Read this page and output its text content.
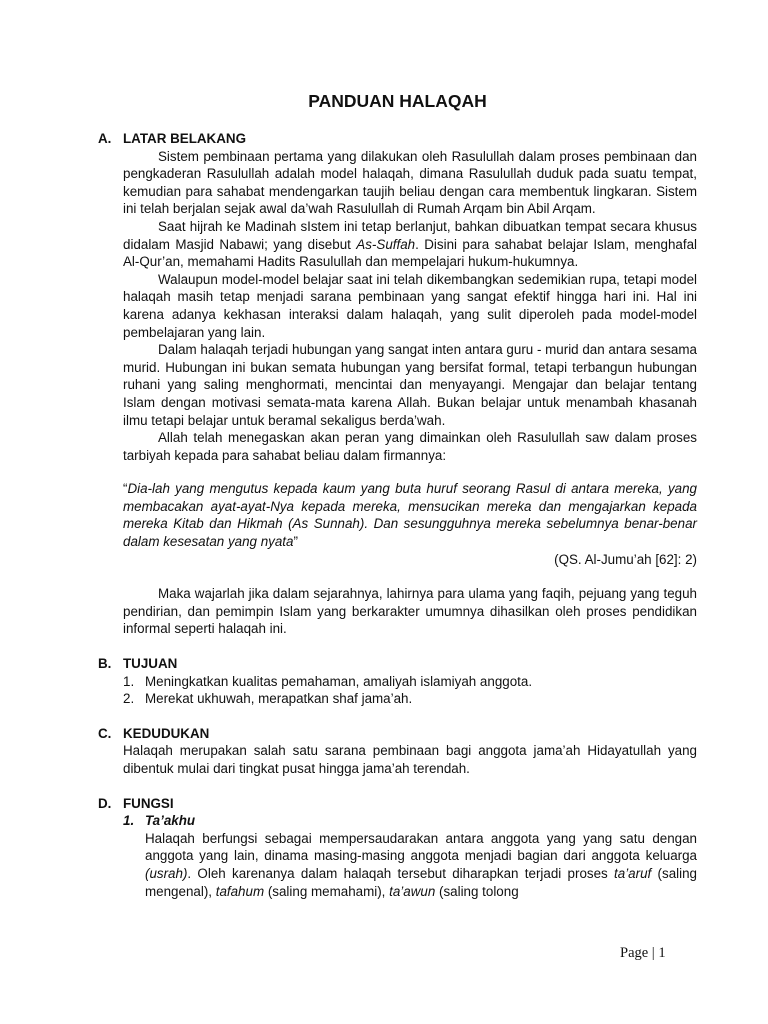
PANDUAN HALAQAH
A. LATAR BELAKANG

Sistem pembinaan pertama yang dilakukan oleh Rasulullah dalam proses pembinaan dan pengkaderan Rasulullah adalah model halaqah, dimana Rasulullah duduk pada suatu tempat, kemudian para sahabat mendengarkan taujih beliau dengan cara membentuk lingkaran. Sistem ini telah berjalan sejak awal da’wah Rasulullah di Rumah Arqam bin Abil Arqam.

Saat hijrah ke Madinah sIstem ini tetap berlanjut, bahkan dibuatkan tempat secara khusus didalam Masjid Nabawi; yang disebut As-Suffah. Disini para sahabat belajar Islam, menghafal Al-Qur’an, memahami Hadits Rasulullah dan mempelajari hukum-hukumnya.

Walaupun model-model belajar saat ini telah dikembangkan sedemikian rupa, tetapi model halaqah masih tetap menjadi sarana pembinaan yang sangat efektif hingga hari ini. Hal ini karena adanya kekhasan interaksi dalam halaqah, yang sulit diperoleh pada model-model pembelajaran yang lain.

Dalam halaqah terjadi hubungan yang sangat inten antara guru - murid dan antara sesama murid. Hubungan ini bukan semata hubungan yang bersifat formal, tetapi terbangun hubungan ruhani yang saling menghormati, mencintai dan menyayangi. Mengajar dan belajar tentang Islam dengan motivasi semata-mata karena Allah. Bukan belajar untuk menambah khasanah ilmu tetapi belajar untuk beramal sekaligus berda’wah.

Allah telah menegaskan akan peran yang dimainkan oleh Rasulullah saw dalam proses tarbiyah kepada para sahabat beliau dalam firmannya:

“Dia-lah yang mengutus kepada kaum yang buta huruf seorang Rasul di antara mereka, yang membacakan ayat-ayat-Nya kepada mereka, mensucikan mereka dan mengajarkan kepada mereka Kitab dan Hikmah (As Sunnah). Dan sesungguhnya mereka sebelumnya benar-benar dalam kesesatan yang nyata”

(QS. Al-Jumu’ah [62]: 2)

Maka wajarlah jika dalam sejarahnya, lahirnya para ulama yang faqih, pejuang yang teguh pendirian, dan pemimpin Islam yang berkarakter umumnya dihasilkan oleh proses pendidikan informal seperti halaqah ini.

B. TUJUAN
1. Meningkatkan kualitas pemahaman, amaliyah islamiyah anggota.
2. Merekat ukhuwah, merapatkan shaf jama’ah.
C. KEDUDUKAN

Halaqah merupakan salah satu sarana pembinaan bagi anggota jama’ah Hidayatullah yang dibentuk mulai dari tingkat pusat hingga jama’ah terendah.

D. FUNGSI
1. Ta’akhu

Halaqah berfungsi sebagai mempersaudarakan antara anggota yang yang satu dengan anggota yang lain, dinama masing-masing anggota menjadi bagian dari anggota keluarga (usrah). Oleh karenanya dalam halaqah tersebut diharapkan terjadi proses ta’aruf (saling mengenal), tafahum (saling memahami), ta’awun (saling tolong

Page | 1
